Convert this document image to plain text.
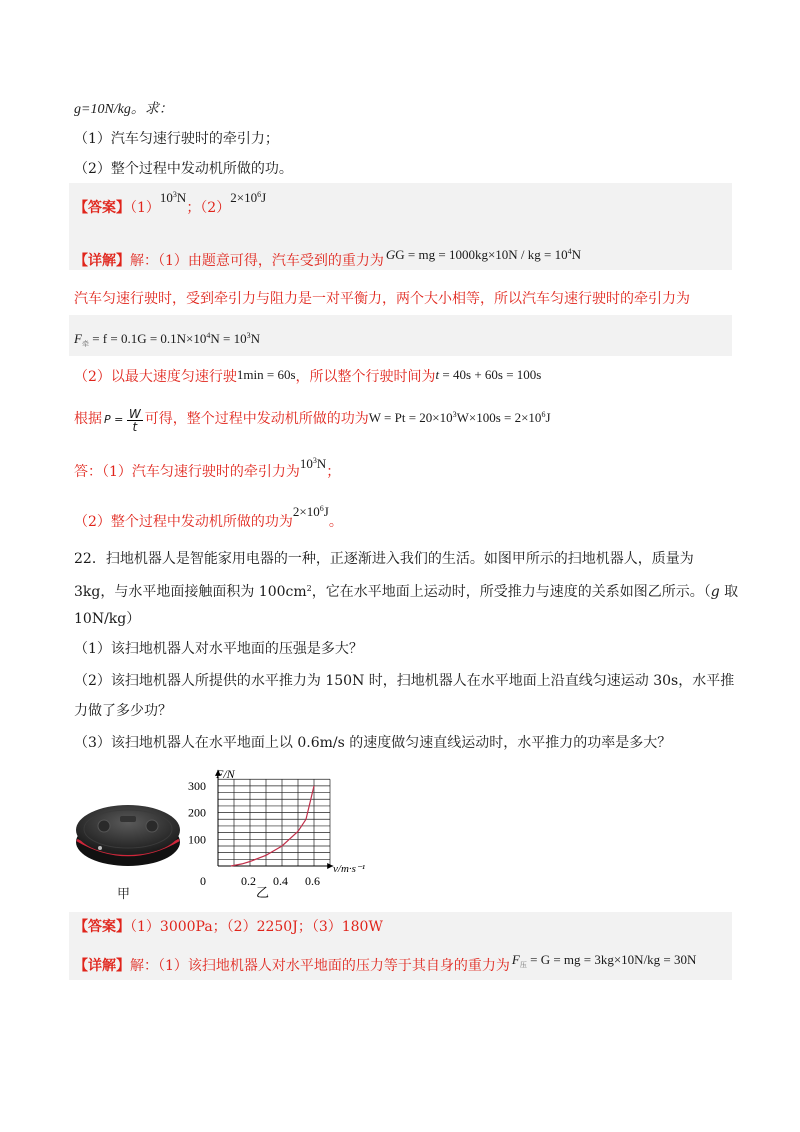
g=10N/kg。求：
（1）汽车匀速行驶时的牵引力；
（2）整个过程中发动机所做的功。
【答案】$(1)10^3N$；$(2)2\times 10^6J$
【详解】解：（1）由题意可得，汽车受到的重力为 GG = mg = 1000kg×10N / kg = $10^4N$
汽车匀速行驶时，受到牵引力与阻力是一对平衡力，两个大小相等，所以汽车匀速行驶时的牵引力为
$F_牵 = f = 0.1G = 0.1N\times 10^4N = 10^3N$
（2）以最大速度匀速行驶1min = 60s，所以整个行驶时间为t = 40s + 60s = 100s
根据 $P = \frac{W}{t}$ 可得，整个过程中发动机所做的功为$W = Pt = 20\times 10^3W\times 100s = 2\times 10^6J$
答：（1）汽车匀速行驶时的牵引力为$10^3N$；
（2）整个过程中发动机所做的功为$2\times 10^6J$。
22．扫地机器人是智能家用电器的一种，正逐渐进入我们的生活。如图甲所示的扫地机器人，质量为
3kg，与水平地面接触面积为 $100cm^2$，它在水平地面上运动时，所受推力与速度的关系如图乙所示。（g 取
10N/kg）
（1）该扫地机器人对水平地面的压强是多大？
（2）该扫地机器人所提供的水平推力为 150N 时，扫地机器人在水平地面上沿直线匀速运动 30s，水平推
力做了多少功？
（3）该扫地机器人在水平地面上以 0.6m/s 的速度做匀速直线运动时，水平推力的功率是多大？
甲
0	0.2 0.4 0.6
100
200
300
F/N
v/m·s⁻¹
乙
【答案】（1）3000Pa；（2）2250J；（3）180W
【详解】解：（1）该扫地机器人对水平地面的压力等于其自身的重力为 $F_压 = G$ = mg = 3kg×10N/kg = 30N
